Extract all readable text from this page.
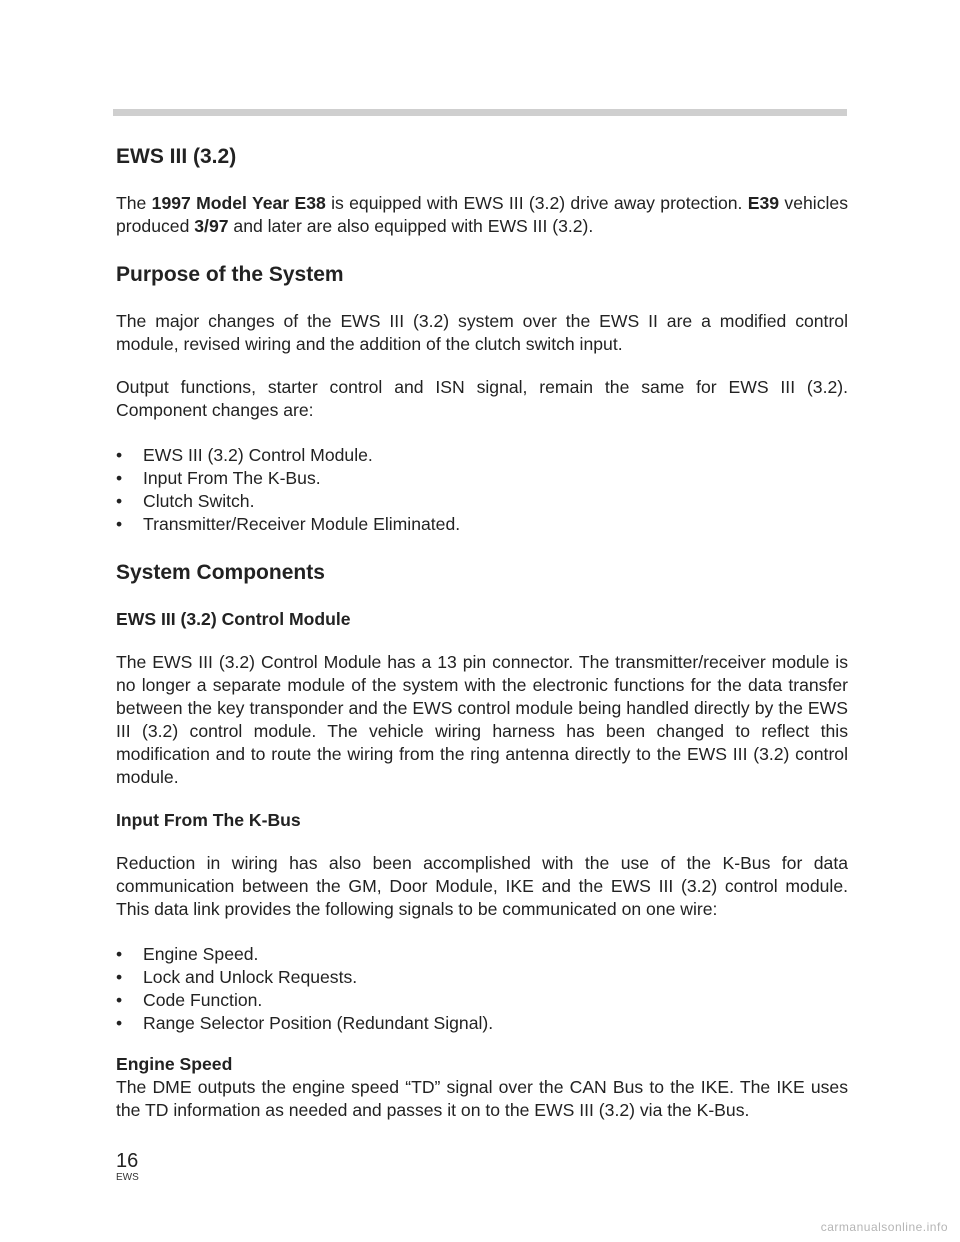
EWS III (3.2)

The 1997 Model Year E38 is equipped with EWS III (3.2) drive away protection. E39 vehicles produced 3/97 and later are also equipped with EWS III (3.2).

Purpose of the System

The major changes of the EWS III (3.2) system over the EWS II are a modified control module, revised wiring and the addition of the clutch switch input.

Output functions, starter control and ISN signal, remain the same for EWS III (3.2). Component changes are:

• EWS III (3.2) Control Module.
• Input From The K-Bus.
• Clutch Switch.
• Transmitter/Receiver Module Eliminated.
System Components
EWS III (3.2) Control Module

The EWS III (3.2) Control Module has a 13 pin connector. The transmitter/receiver module is no longer a separate module of the system with the electronic functions for the data transfer between the key transponder and the EWS control module being handled directly by the EWS III (3.2) control module. The vehicle wiring harness has been changed to reflect this modification and to route the wiring from the ring antenna directly to the EWS III (3.2) control module.

Input From The K-Bus

Reduction in wiring has also been accomplished with the use of the K-Bus for data communication between the GM, Door Module, IKE and the EWS III (3.2) control module. This data link provides the following signals to be communicated on one wire:

• Engine Speed.
• Lock and Unlock Requests.
• Code Function.
• Range Selector Position (Redundant Signal).
Engine Speed

The DME outputs the engine speed “TD” signal over the CAN Bus to the IKE. The IKE uses the TD information as needed and passes it on to the EWS III (3.2) via the K-Bus.

16
EWS
carmanualsonline.info
